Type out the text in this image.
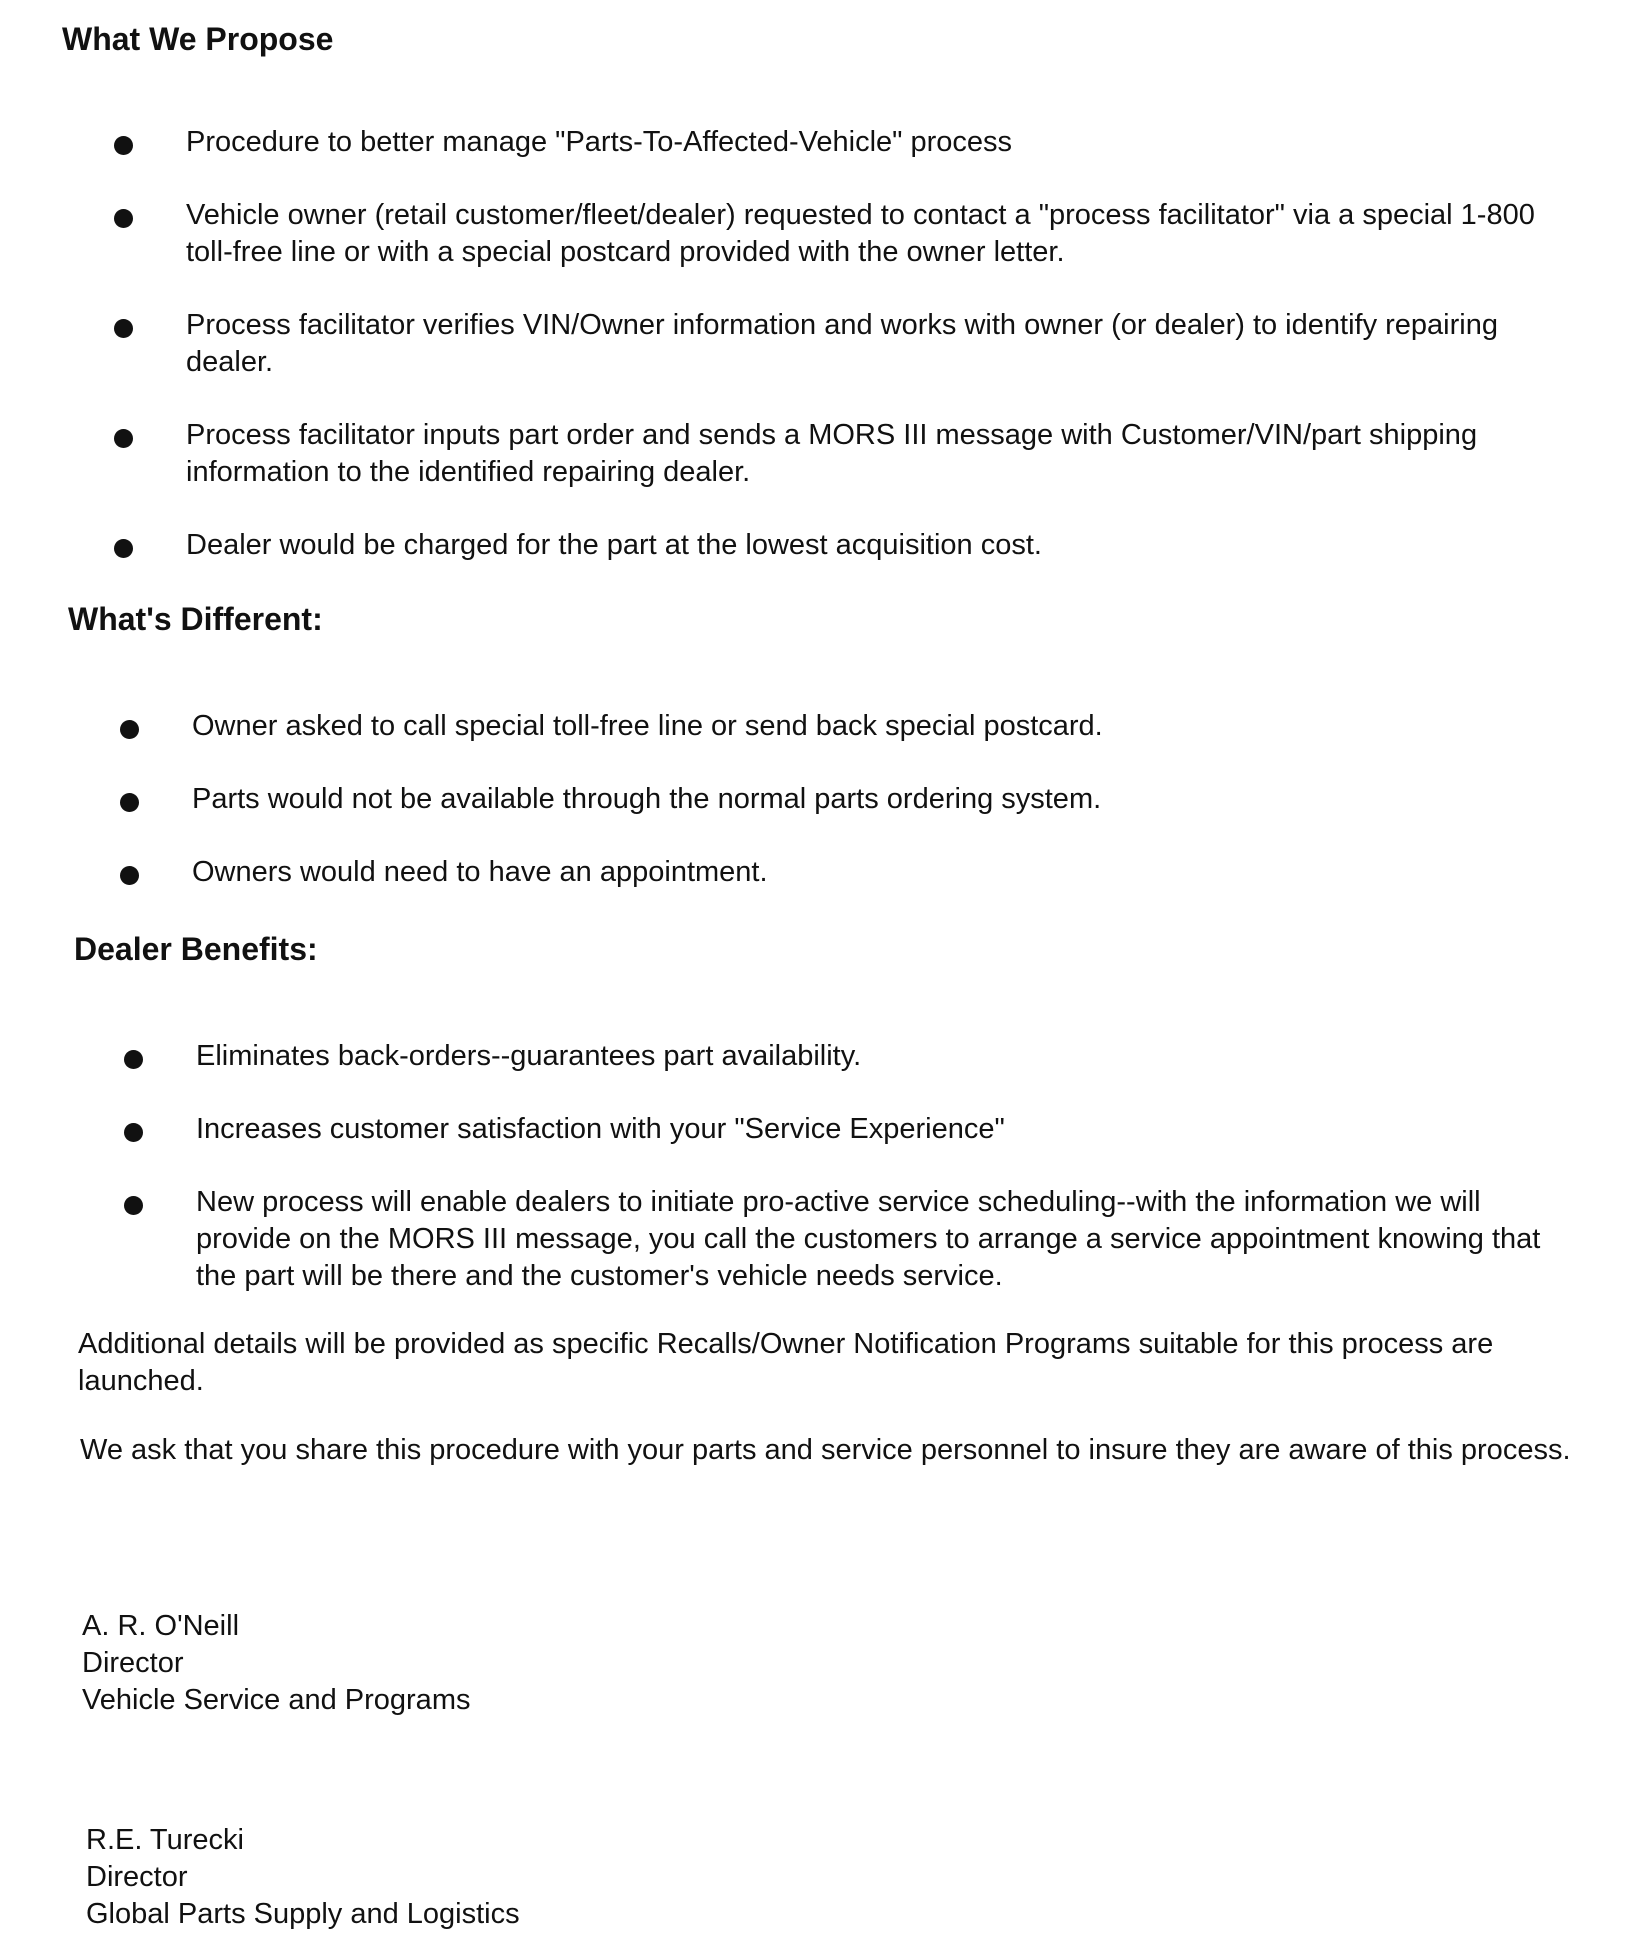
What We Propose
Procedure to better manage "Parts-To-Affected-Vehicle" process
Vehicle owner (retail customer/fleet/dealer) requested to contact a "process facilitator" via a special 1-800 toll-free line or with a special postcard provided with the owner letter.
Process facilitator verifies VIN/Owner information and works with owner (or dealer) to identify repairing dealer.
Process facilitator inputs part order and sends a MORS III message with Customer/VIN/part shipping information to the identified repairing dealer.
Dealer would be charged for the part at the lowest acquisition cost.
What's Different:
Owner asked to call special toll-free line or send back special postcard.
Parts would not be available through the normal parts ordering system.
Owners would need to have an appointment.
Dealer Benefits:
Eliminates back-orders--guarantees part availability.
Increases customer satisfaction with your "Service Experience"
New process will enable dealers to initiate pro-active service scheduling--with the information we will provide on the MORS III message, you call the customers to arrange a service appointment knowing that the part will be there and the customer's vehicle needs service.

Additional details will be provided as specific Recalls/Owner Notification Programs suitable for this process are launched.

We ask that you share this procedure with your parts and service personnel to insure they are aware of this process.

A. R. O'Neill
Director
Vehicle Service and Programs
R.E. Turecki
Director
Global Parts Supply and Logistics
